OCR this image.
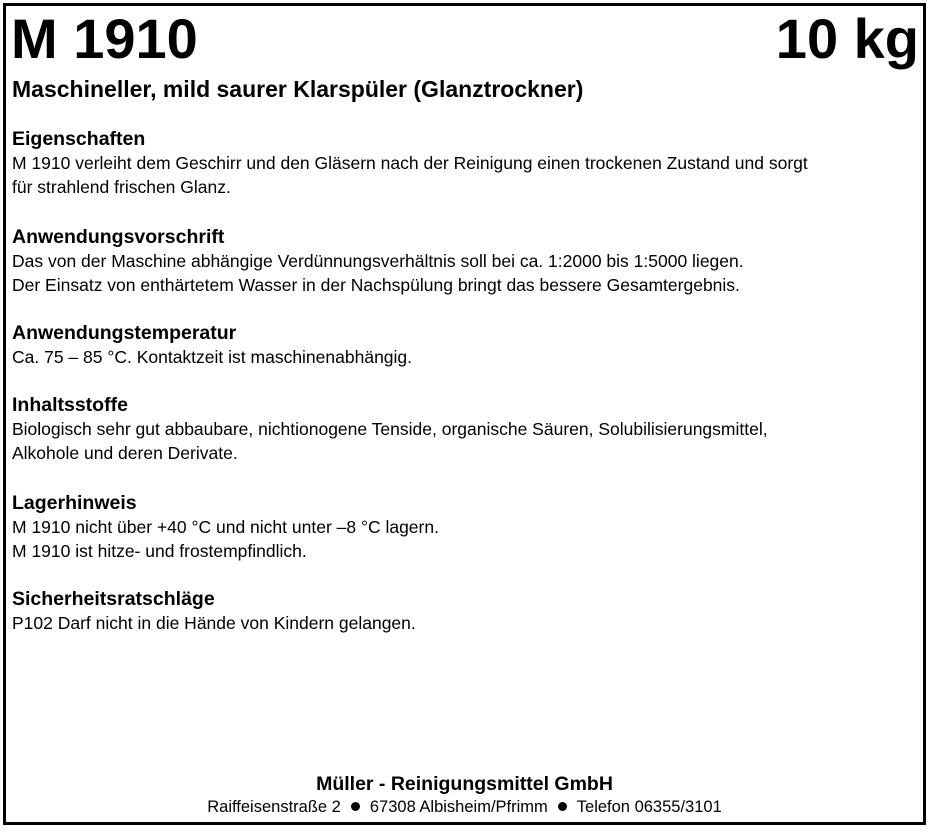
M 1910	10 kg
Maschineller, mild saurer Klarspüler (Glanztrockner)
Eigenschaften

M 1910 verleiht dem Geschirr und den Gläsern nach der Reinigung einen trockenen Zustand und sorgt

für strahlend frischen Glanz.

Anwendungsvorschrift

Das von der Maschine abhängige Verdünnungsverhältnis soll bei ca. 1:2000 bis 1:5000 liegen.

Der Einsatz von enthärtetem Wasser in der Nachspülung bringt das bessere Gesamtergebnis.

Anwendungstemperatur

Ca. 75 – 85 °C. Kontaktzeit ist maschinenabhängig.

Inhaltsstoffe

Biologisch sehr gut abbaubare, nichtionogene Tenside, organische Säuren, Solubilisierungsmittel,

Alkohole und deren Derivate.

Lagerhinweis

M 1910 nicht über +40 °C und nicht unter –8 °C lagern.

M 1910 ist hitze- und frostempfindlich.

Sicherheitsratschläge

P102 Darf nicht in die Hände von Kindern gelangen.

Müller - Reinigungsmittel GmbH
Raiffeisenstraße 2 67308 Albisheim/Pfrimm Telefon 06355/3101
